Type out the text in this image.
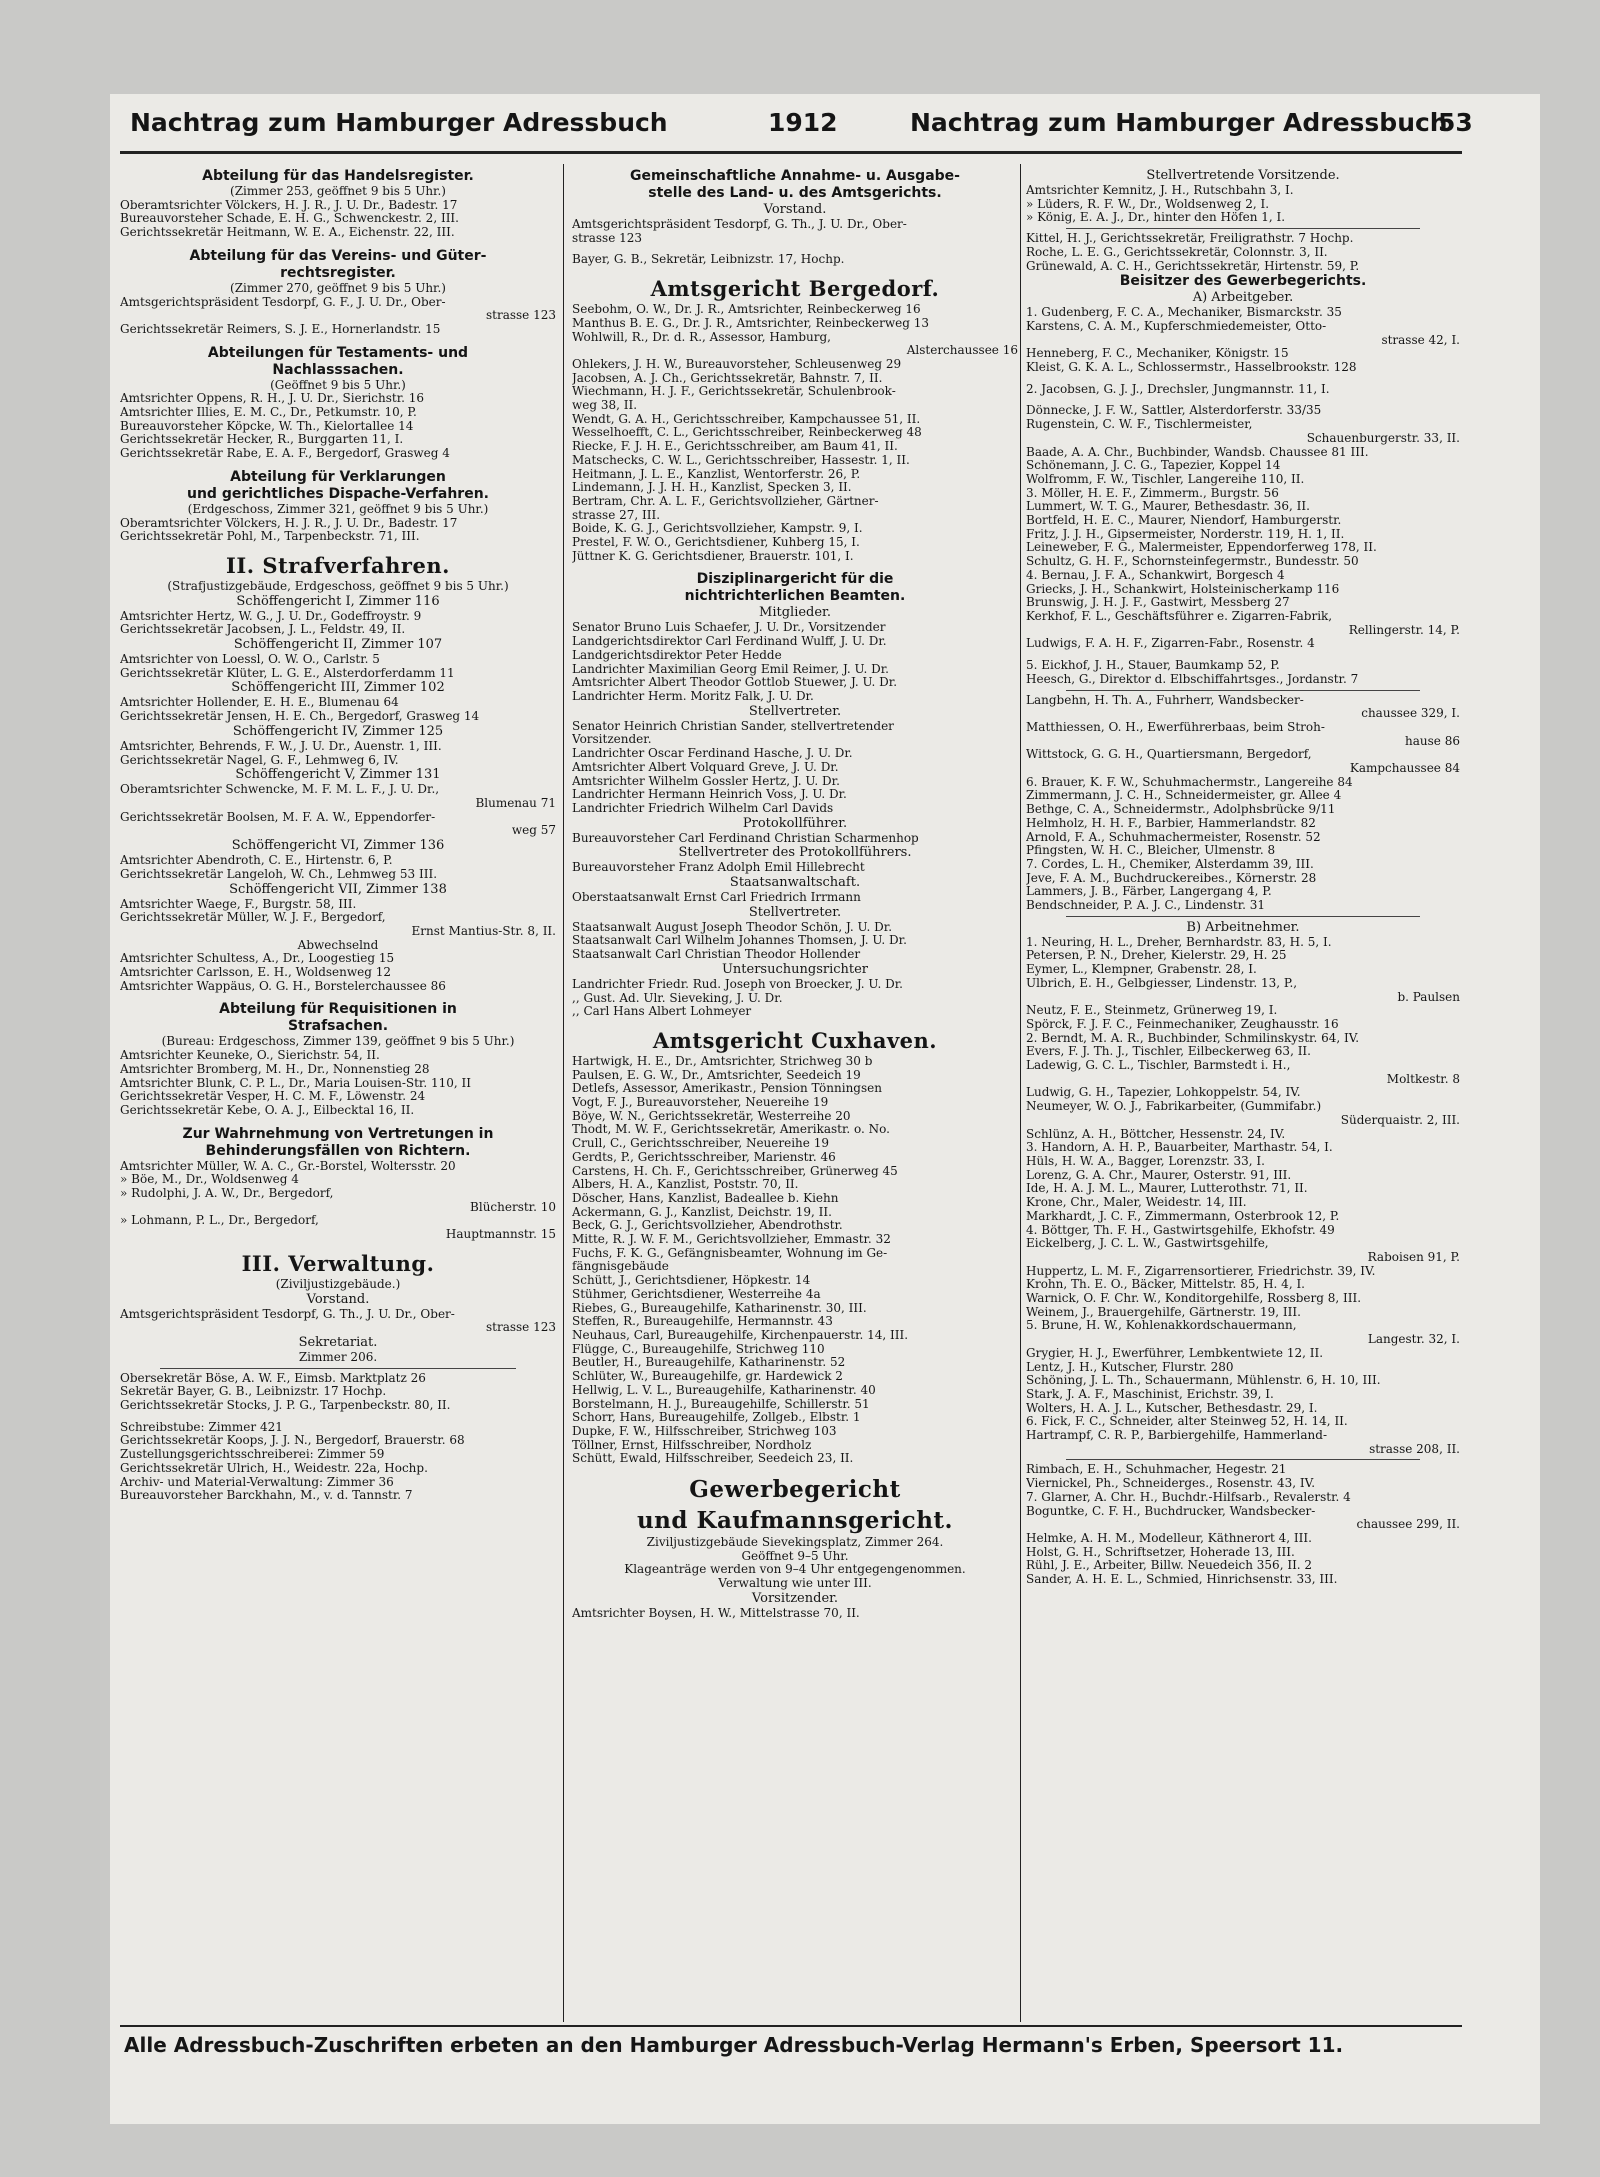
Nachtrag zum Hamburger Adressbuch	1912	Nachtrag zum Hamburger Adressbuch
53

Abteilung für das Handelsregister.

(Zimmer 253, geöffnet 9 bis 5 Uhr.)

Oberamtsrichter Völckers, H. J. R., J. U. Dr., Badestr. 17

Bureauvorsteher Schade, E. H. G., Schwenckestr. 2, III.

Gerichtssekretär Heitmann, W. E. A., Eichenstr. 22, III.

Abteilung für das Vereins- und Güter-

rechtsregister.

(Zimmer 270, geöffnet 9 bis 5 Uhr.)

Amtsgerichtspräsident Tesdorpf, G. F., J. U. Dr., Ober-

strasse 123

Gerichtssekretär Reimers, S. J. E., Hornerlandstr. 15

Abteilungen für Testaments- und

Nachlasssachen.

(Geöffnet 9 bis 5 Uhr.)

Amtsrichter Oppens, R. H., J. U. Dr., Sierichstr. 16

Amtsrichter Illies, E. M. C., Dr., Petkumstr. 10, P.

Bureauvorsteher Köpcke, W. Th., Kielortallee 14

Gerichtssekretär Hecker, R., Burggarten 11, I.

Gerichtssekretär Rabe, E. A. F., Bergedorf, Grasweg 4

Abteilung für Verklarungen

und gerichtliches Dispache-Verfahren.

(Erdgeschoss, Zimmer 321, geöffnet 9 bis 5 Uhr.)

Oberamtsrichter Völckers, H. J. R., J. U. Dr., Badestr. 17

Gerichtssekretär Pohl, M., Tarpenbeckstr. 71, III.

II. Strafverfahren.

(Strafjustizgebäude, Erdgeschoss, geöffnet 9 bis 5 Uhr.)

Schöffengericht I, Zimmer 116

Amtsrichter Hertz, W. G., J. U. Dr., Godeffroystr. 9

Gerichtssekretär Jacobsen, J. L., Feldstr. 49, II.

Schöffengericht II, Zimmer 107

Amtsrichter von Loessl, O. W. O., Carlstr. 5

Gerichtssekretär Klüter, L. G. E., Alsterdorferdamm 11

Schöffengericht III, Zimmer 102

Amtsrichter Hollender, E. H. E., Blumenau 64

Gerichtssekretär Jensen, H. E. Ch., Bergedorf, Grasweg 14

Schöffengericht IV, Zimmer 125

Amtsrichter, Behrends, F. W., J. U. Dr., Auenstr. 1, III.

Gerichtssekretär Nagel, G. F., Lehmweg 6, IV.

Schöffengericht V, Zimmer 131

Oberamtsrichter Schwencke, M. F. M. L. F., J. U. Dr.,

Blumenau 71

Gerichtssekretär Boolsen, M. F. A. W., Eppendorfer-

weg 57

Schöffengericht VI, Zimmer 136

Amtsrichter Abendroth, C. E., Hirtenstr. 6, P.

Gerichtssekretär Langeloh, W. Ch., Lehmweg 53 III.

Schöffengericht VII, Zimmer 138

Amtsrichter Waege, F., Burgstr. 58, III.

Gerichtssekretär Müller, W. J. F., Bergedorf,

Ernst Mantius-Str. 8, II.

Abwechselnd

Amtsrichter Schultess, A., Dr., Loogestieg 15

Amtsrichter Carlsson, E. H., Woldsenweg 12

Amtsrichter Wappäus, O. G. H., Borstelerchaussee 86

Abteilung für Requisitionen in

Strafsachen.

(Bureau: Erdgeschoss, Zimmer 139, geöffnet 9 bis 5 Uhr.)

Amtsrichter Keuneke, O., Sierichstr. 54, II.

Amtsrichter Bromberg, M. H., Dr., Nonnenstieg 28

Amtsrichter Blunk, C. P. L., Dr., Maria Louisen-Str. 110, II

Gerichtssekretär Vesper, H. C. M. F., Löwenstr. 24

Gerichtssekretär Kebe, O. A. J., Eilbecktal 16, II.

Zur Wahrnehmung von Vertretungen in

Behinderungsfällen von Richtern.

Amtsrichter Müller, W. A. C., Gr.-Borstel, Woltersstr. 20

» Böe, M., Dr., Woldsenweg 4

» Rudolphi, J. A. W., Dr., Bergedorf,

Blücherstr. 10

» Lohmann, P. L., Dr., Bergedorf,

Hauptmannstr. 15

III. Verwaltung.

(Ziviljustizgebäude.)

Vorstand.

Amtsgerichtspräsident Tesdorpf, G. Th., J. U. Dr., Ober-

strasse 123

Sekretariat.

Zimmer 206.

Obersekretär Böse, A. W. F., Eimsb. Marktplatz 26

Sekretär Bayer, G. B., Leibnizstr. 17 Hochp.

Gerichtssekretär Stocks, J. P. G., Tarpenbeckstr. 80, II.

Schreibstube: Zimmer 421

Gerichtssekretär Koops, J. J. N., Bergedorf, Brauerstr. 68

Zustellungsgerichtsschreiberei: Zimmer 59

Gerichtssekretär Ulrich, H., Weidestr. 22a, Hochp.

Archiv- und Material-Verwaltung: Zimmer 36

Bureauvorsteher Barckhahn, M., v. d. Tannstr. 7

Gemeinschaftliche Annahme- u. Ausgabe-

stelle des Land- u. des Amtsgerichts.

Vorstand.

Amtsgerichtspräsident Tesdorpf, G. Th., J. U. Dr., Ober-

strasse 123

Bayer, G. B., Sekretär, Leibnizstr. 17, Hochp.

Amtsgericht Bergedorf.

Seebohm, O. W., Dr. J. R., Amtsrichter, Reinbeckerweg 16

Manthus B. E. G., Dr. J. R., Amtsrichter, Reinbeckerweg 13

Wohlwill, R., Dr. d. R., Assessor, Hamburg,

Alsterchaussee 16

Öhlekers, J. H. W., Bureauvorsteher, Schleusenweg 29

Jacobsen, A. J. Ch., Gerichtssekretär, Bahnstr. 7, II.

Wiechmann, H. J. F., Gerichtssekretär, Schulenbrook-

weg 38, II.

Wendt, G. A. H., Gerichtsschreiber, Kampchaussee 51, II.

Wesselhoefft, C. L., Gerichtsschreiber, Reinbeckerweg 48

Riecke, F. J. H. E., Gerichtsschreiber, am Baum 41, II.

Matschecks, C. W. L., Gerichtsschreiber, Hassestr. 1, II.

Heitmann, J. L. E., Kanzlist, Wentorferstr. 26, P.

Lindemann, J. J. H. H., Kanzlist, Specken 3, II.

Bertram, Chr. A. L. F., Gerichtsvollzieher, Gärtner-

strasse 27, III.

Boide, K. G. J., Gerichtsvollzieher, Kampstr. 9, I.

Prestel, F. W. O., Gerichtsdiener, Kuhberg 15, I.

Jüttner K. G. Gerichtsdiener, Brauerstr. 101, I.

Disziplinargericht für die

nichtrichterlichen Beamten.

Mitglieder.

Senator Bruno Luis Schaefer, J. U. Dr., Vorsitzender

Landgerichtsdirektor Carl Ferdinand Wulff, J. U. Dr.

Landgerichtsdirektor Peter Hedde

Landrichter Maximilian Georg Emil Reimer, J. U. Dr.

Amtsrichter Albert Theodor Gottlob Stuewer, J. U. Dr.

Landrichter Herm. Moritz Falk, J. U. Dr.

Stellvertreter.

Senator Heinrich Christian Sander, stellvertretender

Vorsitzender.

Landrichter Oscar Ferdinand Hasche, J. U. Dr.

Amtsrichter Albert Volquard Greve, J. U. Dr.

Amtsrichter Wilhelm Gossler Hertz, J. U. Dr.

Landrichter Hermann Heinrich Voss, J. U. Dr.

Landrichter Friedrich Wilhelm Carl Davids

Protokollführer.

Bureauvorsteher Carl Ferdinand Christian Scharmenhop

Stellvertreter des Protokollführers.

Bureauvorsteher Franz Adolph Emil Hillebrecht

Staatsanwaltschaft.

Oberstaatsanwalt Ernst Carl Friedrich Irrmann

Stellvertreter.

Staatsanwalt August Joseph Theodor Schön, J. U. Dr.

Staatsanwalt Carl Wilhelm Johannes Thomsen, J. U. Dr.

Staatsanwalt Carl Christian Theodor Hollender

Untersuchungsrichter

Landrichter Friedr. Rud. Joseph von Broecker, J. U. Dr.

,, Gust. Ad. Ulr. Sieveking, J. U. Dr.

,, Carl Hans Albert Lohmeyer

Amtsgericht Cuxhaven.

Hartwigk, H. E., Dr., Amtsrichter, Strichweg 30 b

Paulsen, E. G. W., Dr., Amtsrichter, Seedeich 19

Detlefs, Assessor, Amerikastr., Pension Tönningsen

Vogt, F. J., Bureauvorsteher, Neuereihe 19

Böye, W. N., Gerichtssekretär, Westerreihe 20

Thodt, M. W. F., Gerichtssekretär, Amerikastr. o. No.

Crull, C., Gerichtsschreiber, Neuereihe 19

Gerdts, P., Gerichtsschreiber, Marienstr. 46

Carstens, H. Ch. F., Gerichtsschreiber, Grünerweg 45

Albers, H. A., Kanzlist, Poststr. 70, II.

Döscher, Hans, Kanzlist, Badeallee b. Kiehn

Ackermann, G. J., Kanzlist, Deichstr. 19, II.

Beck, G. J., Gerichtsvollzieher, Abendrothstr.

Mitte, R. J. W. F. M., Gerichtsvollzieher, Emmastr. 32

Fuchs, F. K. G., Gefängnisbeamter, Wohnung im Ge-

fängnisgebäude

Schütt, J., Gerichtsdiener, Höpkestr. 14

Stühmer, Gerichtsdiener, Westerreihe 4a

Riebes, G., Bureaugehilfe, Katharinenstr. 30, III.

Steffen, R., Bureaugehilfe, Hermannstr. 43

Neuhaus, Carl, Bureaugehilfe, Kirchenpauerstr. 14, III.

Flügge, C., Bureaugehilfe, Strichweg 110

Beutler, H., Bureaugehilfe, Katharinenstr. 52

Schlüter, W., Bureaugehilfe, gr. Hardewick 2

Hellwig, L. V. L., Bureaugehilfe, Katharinenstr. 40

Borstelmann, H. J., Bureaugehilfe, Schillerstr. 51

Schorr, Hans, Bureaugehilfe, Zollgeb., Elbstr. 1

Dupke, F. W., Hilfsschreiber, Strichweg 103

Töllner, Ernst, Hilfsschreiber, Nordholz

Schütt, Ewald, Hilfsschreiber, Seedeich 23, II.

Gewerbegericht

und Kaufmannsgericht.

Ziviljustizgebäude Sievekingsplatz, Zimmer 264.

Geöffnet 9–5 Uhr.

Klageanträge werden von 9–4 Uhr entgegengenommen.

Verwaltung wie unter III.

Vorsitzender.

Amtsrichter Boysen, H. W., Mittelstrasse 70, II.

Stellvertretende Vorsitzende.

Amtsrichter Kemnitz, J. H., Rutschbahn 3, I.

» Lüders, R. F. W., Dr., Woldsenweg 2, I.

» König, E. A. J., Dr., hinter den Höfen 1, I.

Kittel, H. J., Gerichtssekretär, Freiligrathstr. 7 Hochp.

Roche, L. E. G., Gerichtssekretär, Colonnstr. 3, II.

Grünewald, A. C. H., Gerichtssekretär, Hirtenstr. 59, P.

Beisitzer des Gewerbegerichts.

A) Arbeitgeber.

1. Gudenberg, F. C. A., Mechaniker, Bismarckstr. 35

Karstens, C. A. M., Kupferschmiedemeister, Otto-

strasse 42, I.

Henneberg, F. C., Mechaniker, Königstr. 15

Kleist, G. K. A. L., Schlossermstr., Hasselbrookstr. 128

2. Jacobsen, G. J. J., Drechsler, Jungmannstr. 11, I.

Dönnecke, J. F. W., Sattler, Alsterdorferstr. 33/35

Rugenstein, C. W. F., Tischlermeister,

Schauenburgerstr. 33, II.

Baade, A. A. Chr., Buchbinder, Wandsb. Chaussee 81 III.

Schönemann, J. C. G., Tapezier, Koppel 14

Wolfromm, F. W., Tischler, Langereihe 110, II.

3. Möller, H. E. F., Zimmerm., Burgstr. 56

Lummert, W. T. G., Maurer, Bethesdastr. 36, II.

Bortfeld, H. E. C., Maurer, Niendorf, Hamburgerstr.

Fritz, J. J. H., Gipsermeister, Norderstr. 119, H. 1, II.

Leineweber, F. G., Malermeister, Eppendorferweg 178, II.

Schultz, G. H. F., Schornsteinfegermstr., Bundesstr. 50

4. Bernau, J. F. A., Schankwirt, Borgesch 4

Griecks, J. H., Schankwirt, Holsteinischerkamp 116

Brunswig, J. H. J. F., Gastwirt, Messberg 27

Kerkhof, F. L., Geschäftsführer e. Zigarren-Fabrik,

Rellingerstr. 14, P.

Ludwigs, F. A. H. F., Zigarren-Fabr., Rosenstr. 4

5. Eickhof, J. H., Stauer, Baumkamp 52, P.

Heesch, G., Direktor d. Elbschiffahrtsges., Jordanstr. 7

Langbehn, H. Th. A., Fuhrherr, Wandsbecker-

chaussee 329, I.

Matthiessen, O. H., Ewerführerbaas, beim Stroh-

hause 86

Wittstock, G. G. H., Quartiersmann, Bergedorf,

Kampchaussee 84

6. Brauer, K. F. W., Schuhmachermstr., Langereihe 84

Zimmermann, J. C. H., Schneidermeister, gr. Allee 4

Bethge, C. A., Schneidermstr., Adolphsbrücke 9/11

Helmholz, H. H. F., Barbier, Hammerlandstr. 82

Arnold, F. A., Schuhmachermeister, Rosenstr. 52

Pfingsten, W. H. C., Bleicher, Ulmenstr. 8

7. Cordes, L. H., Chemiker, Alsterdamm 39, III.

Jeve, F. A. M., Buchdruckereibes., Körnerstr. 28

Lammers, J. B., Färber, Langergang 4, P.

Bendschneider, P. A. J. C., Lindenstr. 31

B) Arbeitnehmer.

1. Neuring, H. L., Dreher, Bernhardstr. 83, H. 5, I.

Petersen, P. N., Dreher, Kielerstr. 29, H. 25

Eymer, L., Klempner, Grabenstr. 28, I.

Ulbrich, E. H., Gelbgiesser, Lindenstr. 13, P.,

b. Paulsen

Neutz, F. E., Steinmetz, Grünerweg 19, I.

Spörck, F. J. F. C., Feinmechaniker, Zeughausstr. 16

2. Berndt, M. A. R., Buchbinder, Schmilinskystr. 64, IV.

Evers, F. J. Th. J., Tischler, Eilbeckerweg 63, II.

Ladewig, G. C. L., Tischler, Barmstedt i. H.,

Moltkestr. 8

Ludwig, G. H., Tapezier, Lohkoppelstr. 54, IV.

Neumeyer, W. O. J., Fabrikarbeiter, (Gummifabr.)

Süderquaistr. 2, III.

Schlünz, A. H., Böttcher, Hessenstr. 24, IV.

3. Handorn, A. H. P., Bauarbeiter, Marthastr. 54, I.

Hüls, H. W. A., Bagger, Lorenzstr. 33, I.

Lorenz, G. A. Chr., Maurer, Osterstr. 91, III.

Ide, H. A. J. M. L., Maurer, Lutterothstr. 71, II.

Krone, Chr., Maler, Weidestr. 14, III.

Markhardt, J. C. F., Zimmermann, Osterbrook 12, P.

4. Böttger, Th. F. H., Gastwirtsgehilfe, Ekhofstr. 49

Eickelberg, J. C. L. W., Gastwirtsgehilfe,

Raboisen 91, P.

Huppertz, L. M. F., Zigarrensortierer, Friedrichstr. 39, IV.

Krohn, Th. E. O., Bäcker, Mittelstr. 85, H. 4, I.

Warnick, O. F. Chr. W., Konditorgehilfe, Rossberg 8, III.

Weinem, J., Brauergehilfe, Gärtnerstr. 19, III.

5. Brune, H. W., Kohlenakkordschauermann,

Langestr. 32, I.

Grygier, H. J., Ewerführer, Lembkentwiete 12, II.

Lentz, J. H., Kutscher, Flurstr. 280

Schöning, J. L. Th., Schauermann, Mühlenstr. 6, H. 10, III.

Stark, J. A. F., Maschinist, Erichstr. 39, I.

Wolters, H. A. J. L., Kutscher, Bethesdastr. 29, I.

6. Fick, F. C., Schneider, alter Steinweg 52, H. 14, II.

Hartrampf, C. R. P., Barbiergehilfe, Hammerland-

strasse 208, II.

Rimbach, E. H., Schuhmacher, Hegestr. 21

Viernickel, Ph., Schneiderges., Rosenstr. 43, IV.

7. Glarner, A. Chr. H., Buchdr.-Hilfsarb., Revalerstr. 4

Boguntke, C. F. H., Buchdrucker, Wandsbecker-

chaussee 299, II.

Helmke, A. H. M., Modelleur, Käthnerort 4, III.

Holst, G. H., Schriftsetzer, Hoherade 13, III.

Rühl, J. E., Arbeiter, Billw. Neuedeich 356, II. 2

Sander, A. H. E. L., Schmied, Hinrichsenstr. 33, III.

Alle Adressbuch-Zuschriften erbeten an den Hamburger Adressbuch-Verlag Hermann's Erben, Speersort 11.
